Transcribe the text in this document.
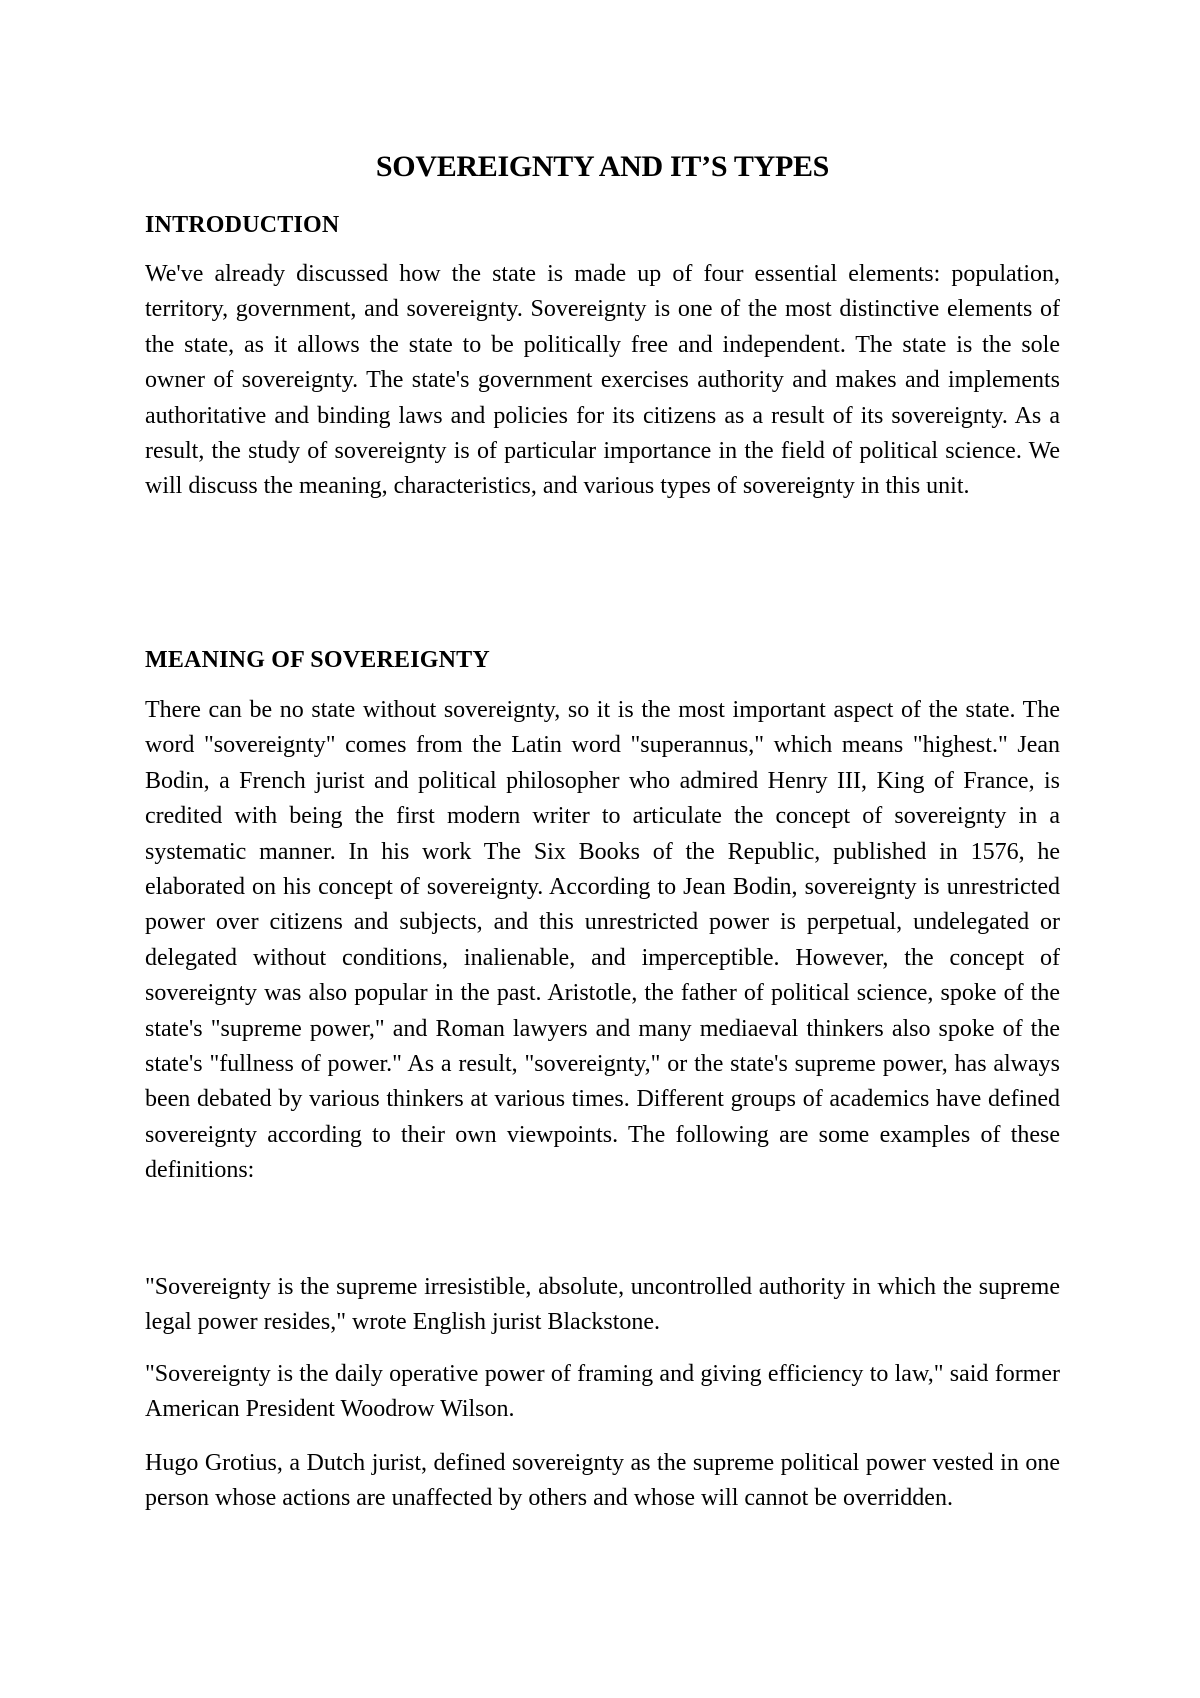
SOVEREIGNTY AND IT’S TYPES
INTRODUCTION

We've already discussed how the state is made up of four essential elements: population, territory, government, and sovereignty. Sovereignty is one of the most distinctive elements of the state, as it allows the state to be politically free and independent. The state is the sole owner of sovereignty. The state's government exercises authority and makes and implements authoritative and binding laws and policies for its citizens as a result of its sovereignty. As a result, the study of sovereignty is of particular importance in the field of political science. We will discuss the meaning, characteristics, and various types of sovereignty in this unit.

MEANING OF SOVEREIGNTY

There can be no state without sovereignty, so it is the most important aspect of the state. The word "sovereignty" comes from the Latin word "superannus," which means "highest." Jean Bodin, a French jurist and political philosopher who admired Henry III, King of France, is credited with being the first modern writer to articulate the concept of sovereignty in a systematic manner. In his work The Six Books of the Republic, published in 1576, he elaborated on his concept of sovereignty. According to Jean Bodin, sovereignty is unrestricted power over citizens and subjects, and this unrestricted power is perpetual, undelegated or delegated without conditions, inalienable, and imperceptible. However, the concept of sovereignty was also popular in the past. Aristotle, the father of political science, spoke of the state's "supreme power," and Roman lawyers and many mediaeval thinkers also spoke of the state's "fullness of power." As a result, "sovereignty," or the state's supreme power, has always been debated by various thinkers at various times. Different groups of academics have defined sovereignty according to their own viewpoints. The following are some examples of these definitions:

"Sovereignty is the supreme irresistible, absolute, uncontrolled authority in which the supreme legal power resides," wrote English jurist Blackstone.

"Sovereignty is the daily operative power of framing and giving efficiency to law," said former American President Woodrow Wilson.

Hugo Grotius, a Dutch jurist, defined sovereignty as the supreme political power vested in one person whose actions are unaffected by others and whose will cannot be overridden.
